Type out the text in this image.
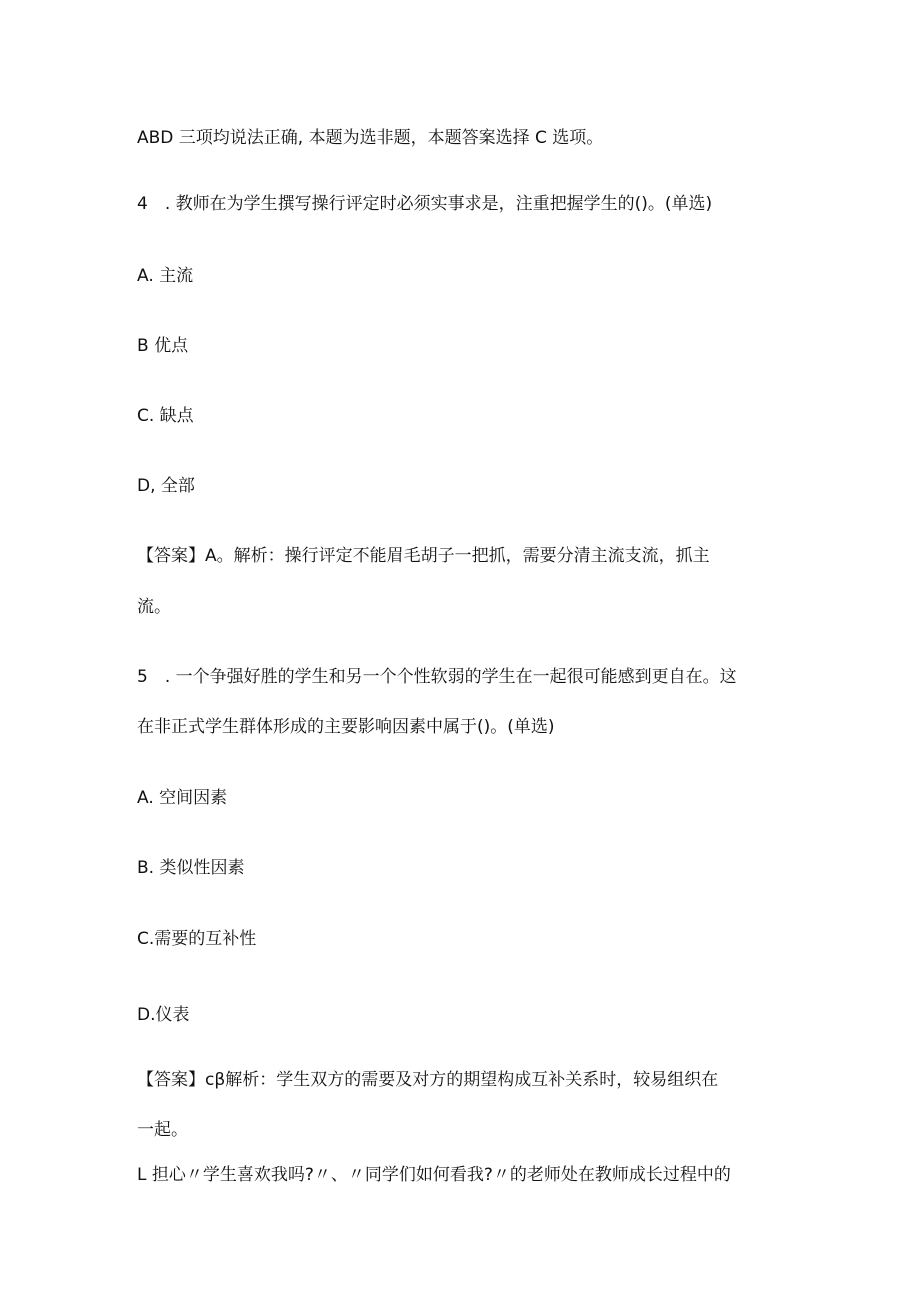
ABD 三项均说法正确, 本题为选非题，本题答案选择 C 选项。
4　. 教师在为学生撰写操行评定时必须实事求是，注重把握学生的()。(单选)
A. 主流
B 优点
C. 缺点
D, 全部
【答案】A。解析：操行评定不能眉毛胡子一把抓，需要分清主流支流，抓主
流。
5　. 一个争强好胜的学生和另一个个性软弱的学生在一起很可能感到更自在。这
在非正式学生群体形成的主要影响因素中属于()。(单选)
A. 空间因素
B. 类似性因素
C.需要的互补性
D.仪表
【答案】cβ解析：学生双方的需要及对方的期望构成互补关系时，较易组织在
一起。
L 担心〃学生喜欢我吗?〃、〃同学们如何看我?〃的老师处在教师成长过程中的
